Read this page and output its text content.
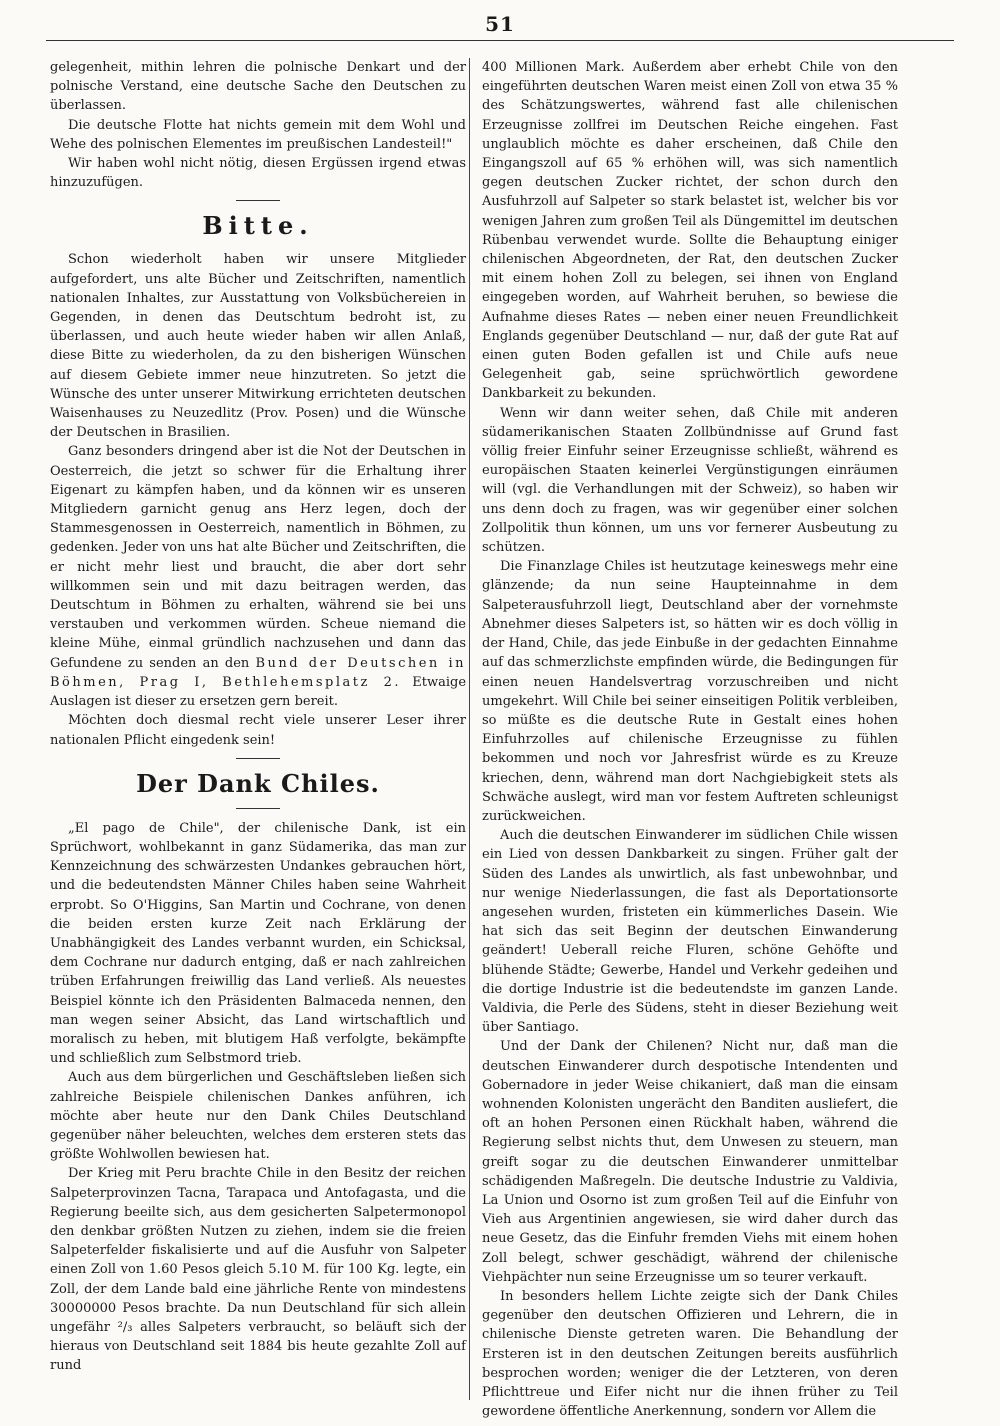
51

gelegenheit, mithin lehren die polnische Denkart und der polnische Verstand, eine deutsche Sache den Deutschen zu überlassen.

Die deutsche Flotte hat nichts gemein mit dem Wohl und Wehe des polnischen Elementes im preußischen Landesteil!"

Wir haben wohl nicht nötig, diesen Ergüssen irgend etwas hinzuzufügen.

Bitte.

Schon wiederholt haben wir unsere Mitglieder aufgefordert, uns alte Bücher und Zeitschriften, namentlich nationalen Inhaltes, zur Ausstattung von Volksbüchereien in Gegenden, in denen das Deutschtum bedroht ist, zu überlassen, und auch heute wieder haben wir allen Anlaß, diese Bitte zu wiederholen, da zu den bisherigen Wünschen auf diesem Gebiete immer neue hinzutreten. So jetzt die Wünsche des unter unserer Mitwirkung errichteten deutschen Waisenhauses zu Neuzedlitz (Prov. Posen) und die Wünsche der Deutschen in Brasilien.

Ganz besonders dringend aber ist die Not der Deutschen in Oesterreich, die jetzt so schwer für die Erhaltung ihrer Eigenart zu kämpfen haben, und da können wir es unseren Mitgliedern garnicht genug ans Herz legen, doch der Stammesgenossen in Oesterreich, namentlich in Böhmen, zu gedenken. Jeder von uns hat alte Bücher und Zeitschriften, die er nicht mehr liest und braucht, die aber dort sehr willkommen sein und mit dazu beitragen werden, das Deutschtum in Böhmen zu erhalten, während sie bei uns verstauben und verkommen würden. Scheue niemand die kleine Mühe, einmal gründlich nachzusehen und dann das Gefundene zu senden an den Bund der Deutschen in Böhmen, Prag I, Bethlehemsplatz 2. Etwaige Auslagen ist dieser zu ersetzen gern bereit.

Möchten doch diesmal recht viele unserer Leser ihrer nationalen Pflicht eingedenk sein!

Der Dank Chiles.

„El pago de Chile", der chilenische Dank, ist ein Sprüchwort, wohlbekannt in ganz Südamerika, das man zur Kennzeichnung des schwärzesten Undankes gebrauchen hört, und die bedeutendsten Männer Chiles haben seine Wahrheit erprobt. So O'Higgins, San Martin und Cochrane, von denen die beiden ersten kurze Zeit nach Erklärung der Unabhängigkeit des Landes verbannt wurden, ein Schicksal, dem Cochrane nur dadurch entging, daß er nach zahlreichen trüben Erfahrungen freiwillig das Land verließ. Als neuestes Beispiel könnte ich den Präsidenten Balmaceda nennen, den man wegen seiner Absicht, das Land wirtschaftlich und moralisch zu heben, mit blutigem Haß verfolgte, bekämpfte und schließlich zum Selbstmord trieb.

Auch aus dem bürgerlichen und Geschäftsleben ließen sich zahlreiche Beispiele chilenischen Dankes anführen, ich möchte aber heute nur den Dank Chiles Deutschland gegenüber näher beleuchten, welches dem ersteren stets das größte Wohlwollen bewiesen hat.

Der Krieg mit Peru brachte Chile in den Besitz der reichen Salpeterprovinzen Tacna, Tarapaca und Antofagasta, und die Regierung beeilte sich, aus dem gesicherten Salpetermonopol den denkbar größten Nutzen zu ziehen, indem sie die freien Salpeterfelder fiskalisierte und auf die Ausfuhr von Salpeter einen Zoll von 1.60 Pesos gleich 5.10 M. für 100 Kg. legte, ein Zoll, der dem Lande bald eine jährliche Rente von mindestens 30000000 Pesos brachte. Da nun Deutschland für sich allein ungefähr ²/₃ alles Salpeters verbraucht, so beläuft sich der hieraus von Deutschland seit 1884 bis heute gezahlte Zoll auf rund

400 Millionen Mark. Außerdem aber erhebt Chile von den eingeführten deutschen Waren meist einen Zoll von etwa 35 % des Schätzungswertes, während fast alle chilenischen Erzeugnisse zollfrei im Deutschen Reiche eingehen. Fast unglaublich möchte es daher erscheinen, daß Chile den Eingangszoll auf 65 % erhöhen will, was sich namentlich gegen deutschen Zucker richtet, der schon durch den Ausfuhrzoll auf Salpeter so stark belastet ist, welcher bis vor wenigen Jahren zum großen Teil als Düngemittel im deutschen Rübenbau verwendet wurde. Sollte die Behauptung einiger chilenischen Abgeordneten, der Rat, den deutschen Zucker mit einem hohen Zoll zu belegen, sei ihnen von England eingegeben worden, auf Wahrheit beruhen, so bewiese die Aufnahme dieses Rates — neben einer neuen Freundlichkeit Englands gegenüber Deutschland — nur, daß der gute Rat auf einen guten Boden gefallen ist und Chile aufs neue Gelegenheit gab, seine sprüchwörtlich gewordene Dankbarkeit zu bekunden.

Wenn wir dann weiter sehen, daß Chile mit anderen südamerikanischen Staaten Zollbündnisse auf Grund fast völlig freier Einfuhr seiner Erzeugnisse schließt, während es europäischen Staaten keinerlei Vergünstigungen einräumen will (vgl. die Verhandlungen mit der Schweiz), so haben wir uns denn doch zu fragen, was wir gegenüber einer solchen Zollpolitik thun können, um uns vor fernerer Ausbeutung zu schützen.

Die Finanzlage Chiles ist heutzutage keineswegs mehr eine glänzende; da nun seine Haupteinnahme in dem Salpeterausfuhrzoll liegt, Deutschland aber der vornehmste Abnehmer dieses Salpeters ist, so hätten wir es doch völlig in der Hand, Chile, das jede Einbuße in der gedachten Einnahme auf das schmerzlichste empfinden würde, die Bedingungen für einen neuen Handelsvertrag vorzuschreiben und nicht umgekehrt. Will Chile bei seiner einseitigen Politik verbleiben, so müßte es die deutsche Rute in Gestalt eines hohen Einfuhrzolles auf chilenische Erzeugnisse zu fühlen bekommen und noch vor Jahresfrist würde es zu Kreuze kriechen, denn, während man dort Nachgiebigkeit stets als Schwäche auslegt, wird man vor festem Auftreten schleunigst zurückweichen.

Auch die deutschen Einwanderer im südlichen Chile wissen ein Lied von dessen Dankbarkeit zu singen. Früher galt der Süden des Landes als unwirtlich, als fast unbewohnbar, und nur wenige Niederlassungen, die fast als Deportationsorte angesehen wurden, fristeten ein kümmerliches Dasein. Wie hat sich das seit Beginn der deutschen Einwanderung geändert! Ueberall reiche Fluren, schöne Gehöfte und blühende Städte; Gewerbe, Handel und Verkehr gedeihen und die dortige Industrie ist die bedeutendste im ganzen Lande. Valdivia, die Perle des Südens, steht in dieser Beziehung weit über Santiago.

Und der Dank der Chilenen? Nicht nur, daß man die deutschen Einwanderer durch despotische Intendenten und Gobernadore in jeder Weise chikaniert, daß man die einsam wohnenden Kolonisten ungerächt den Banditen ausliefert, die oft an hohen Personen einen Rückhalt haben, während die Regierung selbst nichts thut, dem Unwesen zu steuern, man greift sogar zu die deutschen Einwanderer unmittelbar schädigenden Maßregeln. Die deutsche Industrie zu Valdivia, La Union und Osorno ist zum großen Teil auf die Einfuhr von Vieh aus Argentinien angewiesen, sie wird daher durch das neue Gesetz, das die Einfuhr fremden Viehs mit einem hohen Zoll belegt, schwer geschädigt, während der chilenische Viehpächter nun seine Erzeugnisse um so teurer verkauft.

In besonders hellem Lichte zeigte sich der Dank Chiles gegenüber den deutschen Offizieren und Lehrern, die in chilenische Dienste getreten waren. Die Behandlung der Ersteren ist in den deutschen Zeitungen bereits ausführlich besprochen worden; weniger die der Letzteren, von deren Pflichttreue und Eifer nicht nur die ihnen früher zu Teil gewordene öffentliche Anerkennung, sondern vor Allem die
